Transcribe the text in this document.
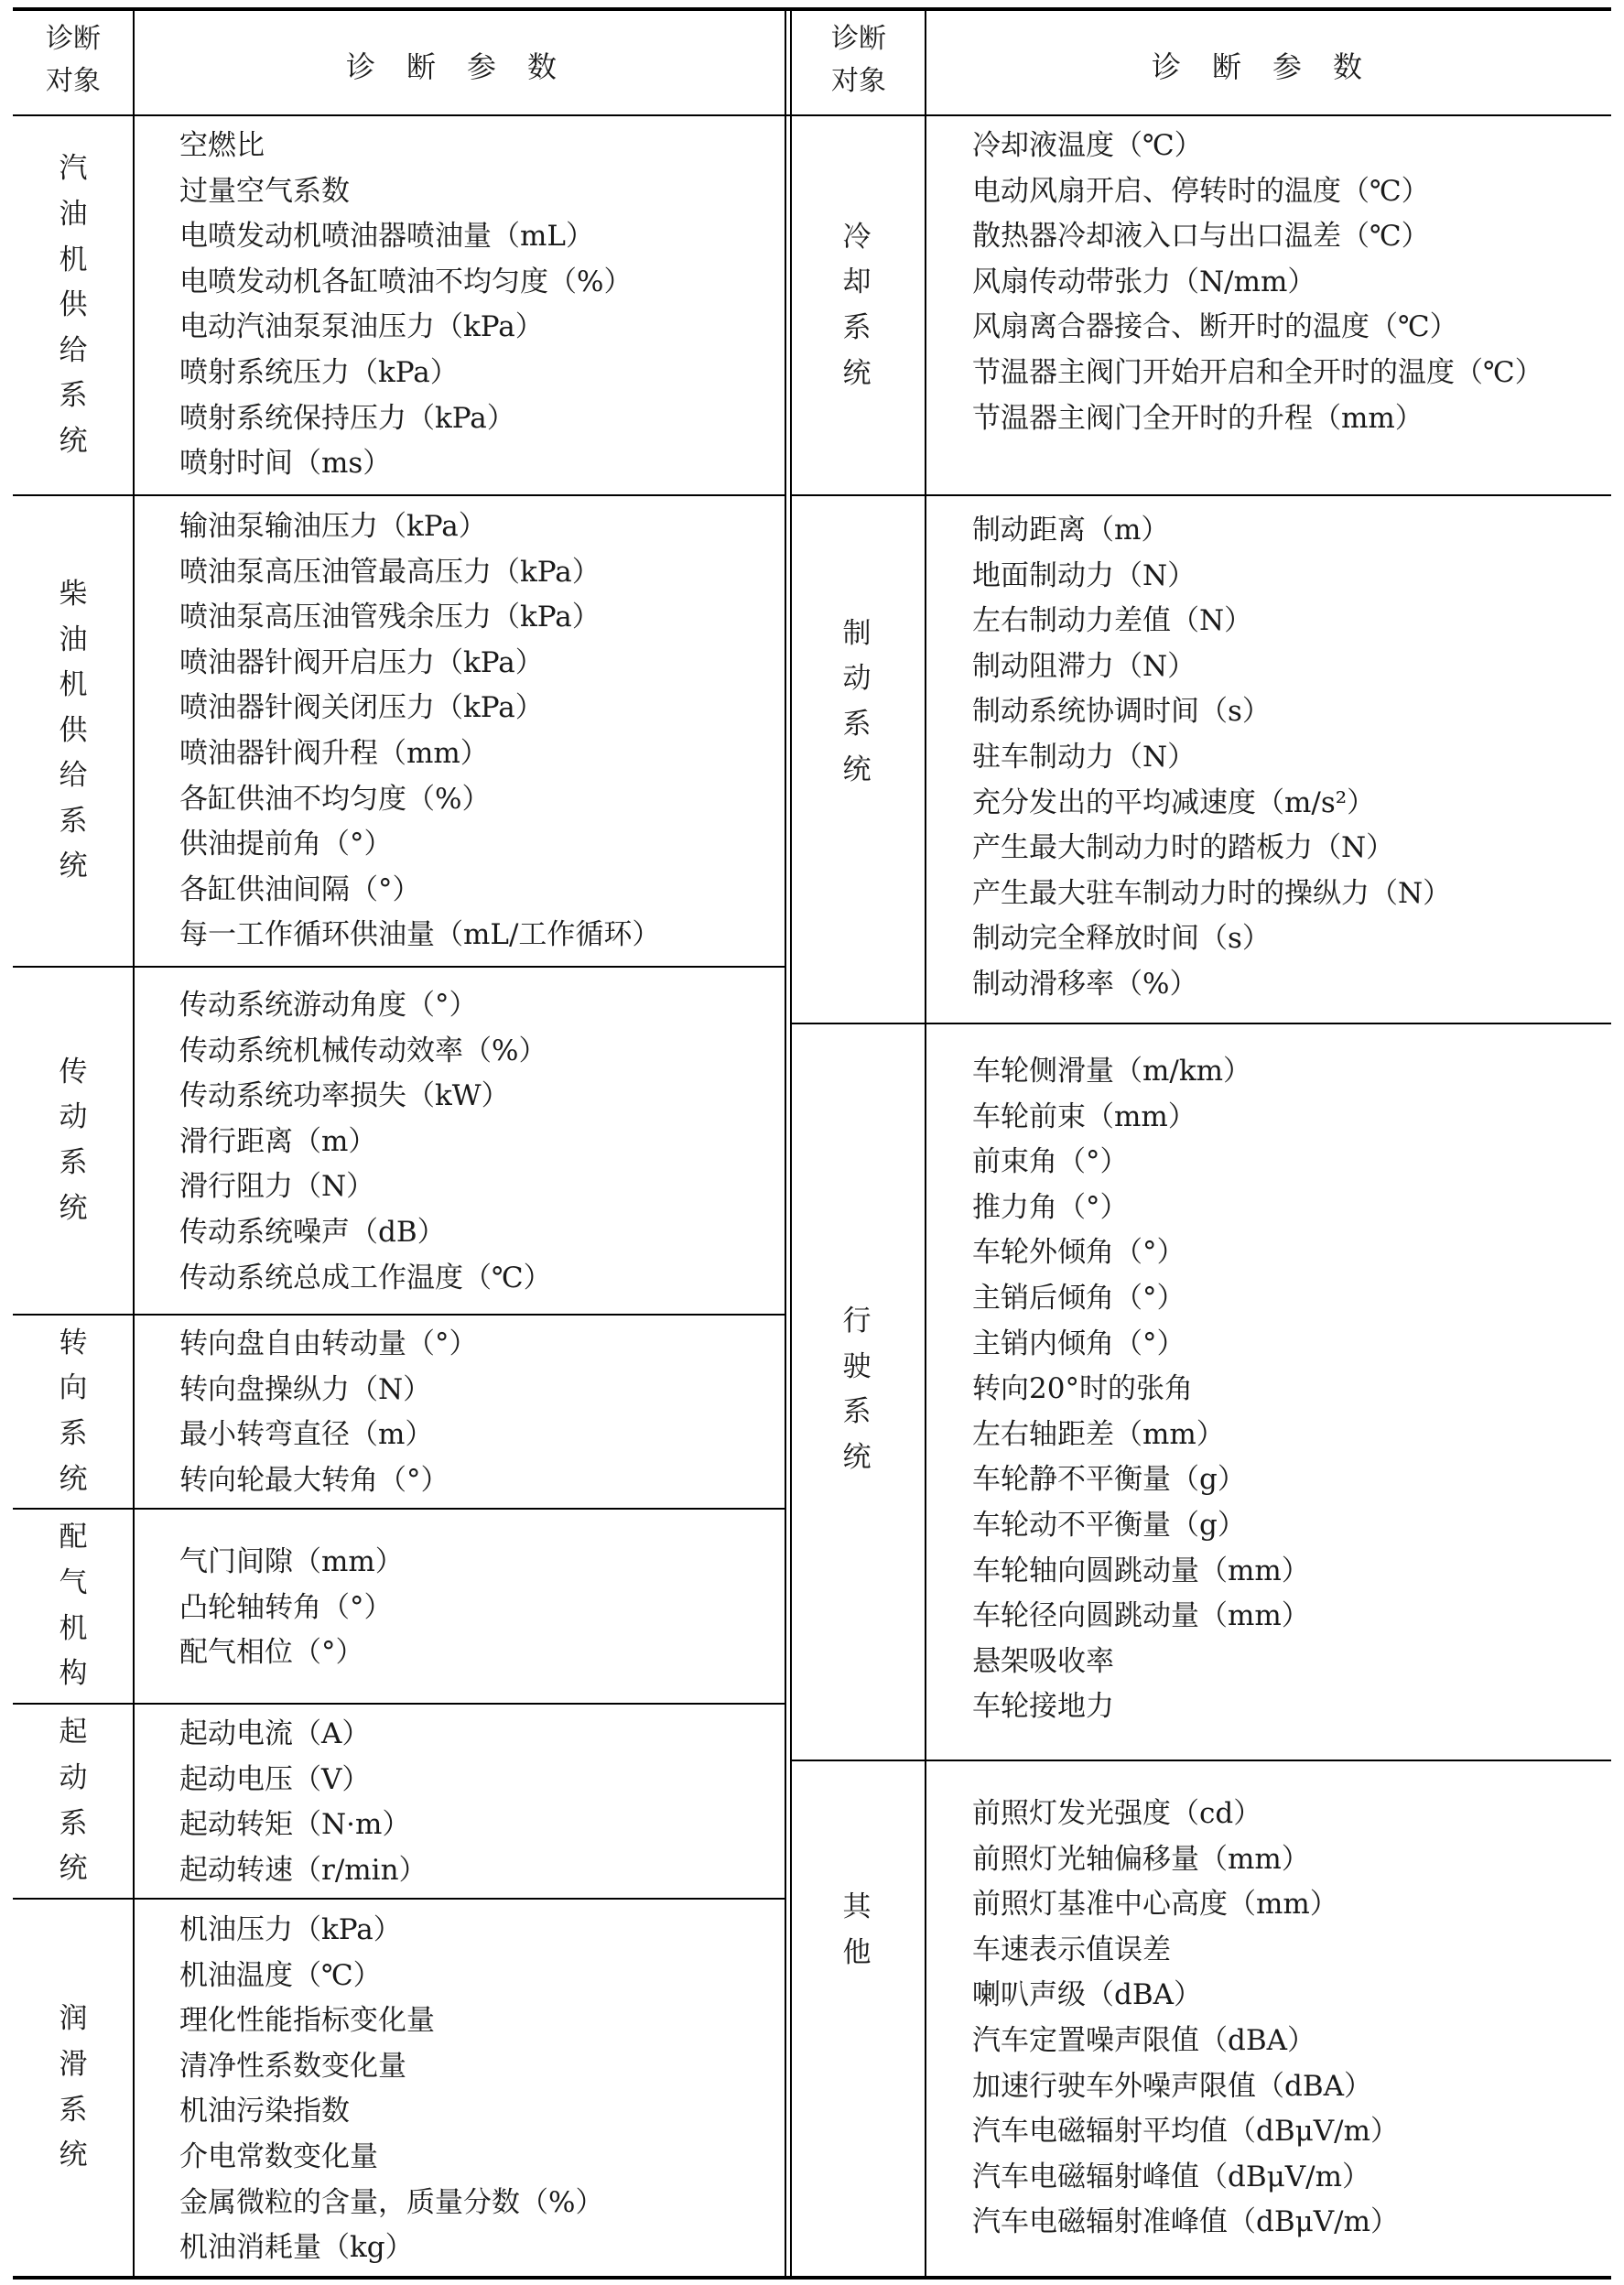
诊断
对象	诊断参数
诊断
对象	诊断参数
汽
油
机
供
给
系
统
空燃比
过量空气系数
电喷发动机喷油器喷油量（mL）
电喷发动机各缸喷油不均匀度（%）
电动汽油泵泵油压力（kPa）
喷射系统压力（kPa）
喷射系统保持压力（kPa）
喷射时间（ms）
柴
油
机
供
给
系
统
输油泵输油压力（kPa）
喷油泵高压油管最高压力（kPa）
喷油泵高压油管残余压力（kPa）
喷油器针阀开启压力（kPa）
喷油器针阀关闭压力（kPa）
喷油器针阀升程（mm）
各缸供油不均匀度（%）
供油提前角（°）
各缸供油间隔（°）
每一工作循环供油量（mL/工作循环）
传
动
系
统
传动系统游动角度（°）
传动系统机械传动效率（%）
传动系统功率损失（kW）
滑行距离（m）
滑行阻力（N）
传动系统噪声（dB）
传动系统总成工作温度（℃）
转
向
系
统
转向盘自由转动量（°）
转向盘操纵力（N）
最小转弯直径（m）
转向轮最大转角（°）
配
气
机
构
气门间隙（mm）
凸轮轴转角（°）
配气相位（°）
起
动
系
统
起动电流（A）
起动电压（V）
起动转矩（N·m）
起动转速（r/min）
润
滑
系
统
机油压力（kPa）
机油温度（℃）
理化性能指标变化量
清净性系数变化量
机油污染指数
介电常数变化量
金属微粒的含量，质量分数（%）
机油消耗量（kg）
冷
却
系
统
冷却液温度（℃）
电动风扇开启、停转时的温度（℃）
散热器冷却液入口与出口温差（℃）
风扇传动带张力（N/mm）
风扇离合器接合、断开时的温度（℃）
节温器主阀门开始开启和全开时的温度（℃）
节温器主阀门全开时的升程（mm）
制
动
系
统
制动距离（m）
地面制动力（N）
左右制动力差值（N）
制动阻滞力（N）
制动系统协调时间（s）
驻车制动力（N）
充分发出的平均减速度（m/s²）
产生最大制动力时的踏板力（N）
产生最大驻车制动力时的操纵力（N）
制动完全释放时间（s）
制动滑移率（%）
行
驶
系
统
车轮侧滑量（m/km）
车轮前束（mm）
前束角（°）
推力角（°）
车轮外倾角（°）
主销后倾角（°）
主销内倾角（°）
转向20°时的张角
左右轴距差（mm）
车轮静不平衡量（g）
车轮动不平衡量（g）
车轮轴向圆跳动量（mm）
车轮径向圆跳动量（mm）
悬架吸收率
车轮接地力
其
他
前照灯发光强度（cd）
前照灯光轴偏移量（mm）
前照灯基准中心高度（mm）
车速表示值误差
喇叭声级（dBA）
汽车定置噪声限值（dBA）
加速行驶车外噪声限值（dBA）
汽车电磁辐射平均值（dBμV/m）
汽车电磁辐射峰值（dBμV/m）
汽车电磁辐射准峰值（dBμV/m）
